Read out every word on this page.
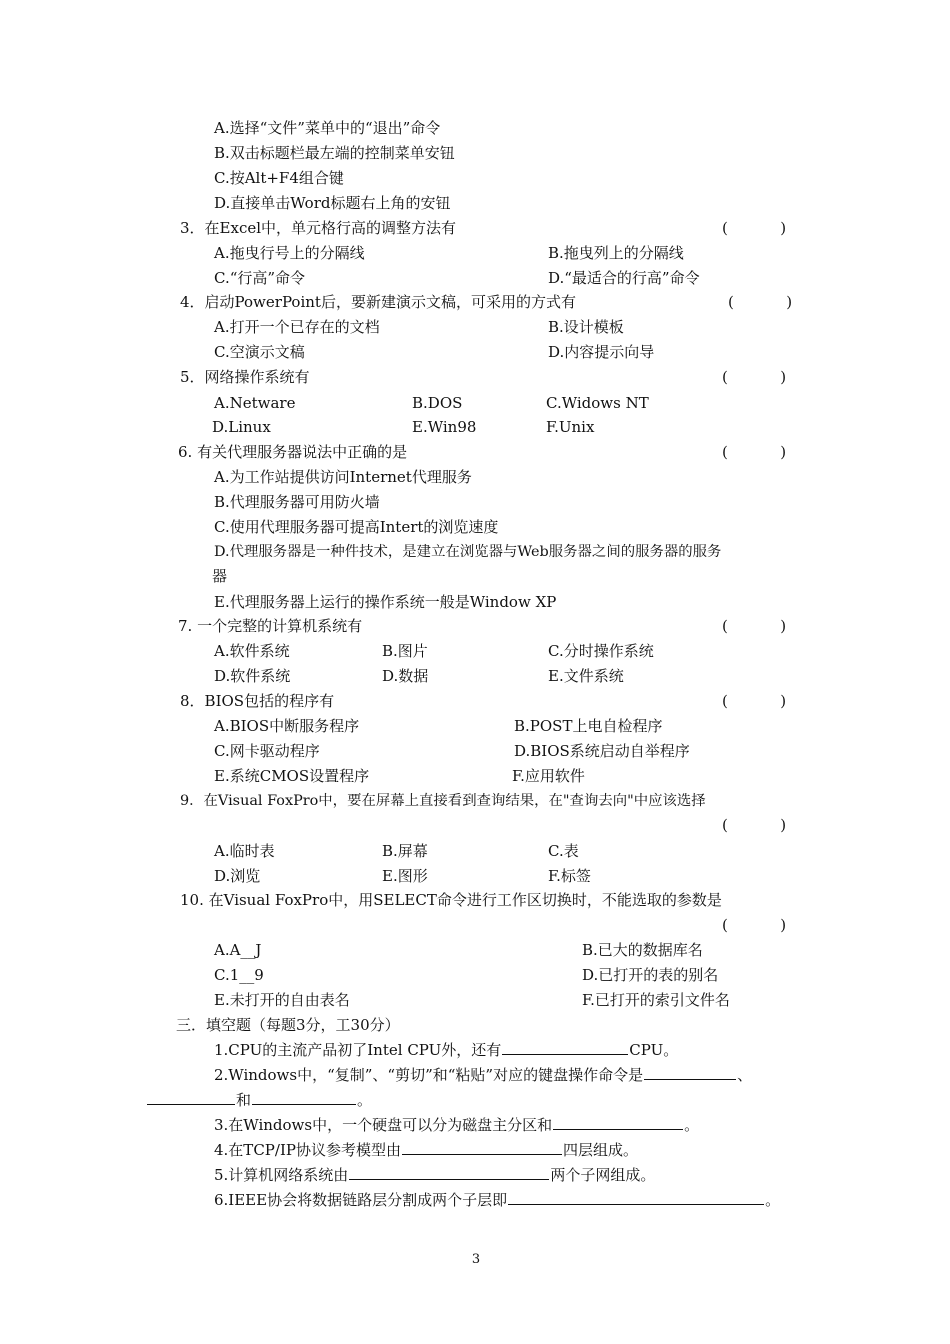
A.选择“文件”菜单中的“退出”命令
B.双击标题栏最左端的控制菜单安钮
C.按Alt+F4组合键
D.直接单击Word标题右上角的安钮
3．在Excel中，单元格行高的调整方法有	(           )
A.拖曳行号上的分隔线	B.拖曳列上的分隔线
C.“行高”命令	D.“最适合的行高”命令
4．启动PowerPoint后，要新建演示文稿，可采用的方式有	(           )
A.打开一个已存在的文档	B.设计模板
C.空演示文稿	D.内容提示向导
5．网络操作系统有	(           )
A.Netware	B.DOS	C.Widows NT
D.Linux	E.Win98	F.Unix
6. 有关代理服务器说法中正确的是	(           )
A.为工作站提供访问Internet代理服务
B.代理服务器可用防火墙
C.使用代理服务器可提高Intert的浏览速度
D.代理服务器是一种件技术，是建立在浏览器与Web服务器之间的服务器的服务
器
E.代理服务器上运行的操作系统一般是Window XP
7. 一个完整的计算机系统有	(           )
A.软件系统	B.图片	C.分时操作系统
D.软件系统	D.数据	E.文件系统
8．BIOS包括的程序有	(           )
A.BIOS中断服务程序	B.POST上电自检程序
C.网卡驱动程序	D.BIOS系统启动自举程序
E.系统CMOS设置程序	F.应用软件
9．在Visual FoxPro中，要在屏幕上直接看到查询结果，在"查询去向"中应该选择
(           )
A.临时表	B.屏幕	C.表
D.浏览	E.图形	F.标签
10. 在Visual FoxPro中，用SELECT命令进行工作区切换时，不能选取的参数是
(           )
A.A__J	B.已大的数据库名
C.1__9	D.已打开的表的别名
E.未打开的自由表名	F.已打开的索引文件名
三．填空题（每题3分，工30分）
1.CPU的主流产品初了Intel CPU外，还有	CPU。
2.Windows中，“复制”、“剪切”和“粘贴”对应的键盘操作命令是	、
和	。
3.在Windows中，一个硬盘可以分为磁盘主分区和	。
4.在TCP/IP协议参考模型由	四层组成。
5.计算机网络系统由	两个子网组成。
6.IEEE协会将数据链路层分割成两个子层即	。
3
